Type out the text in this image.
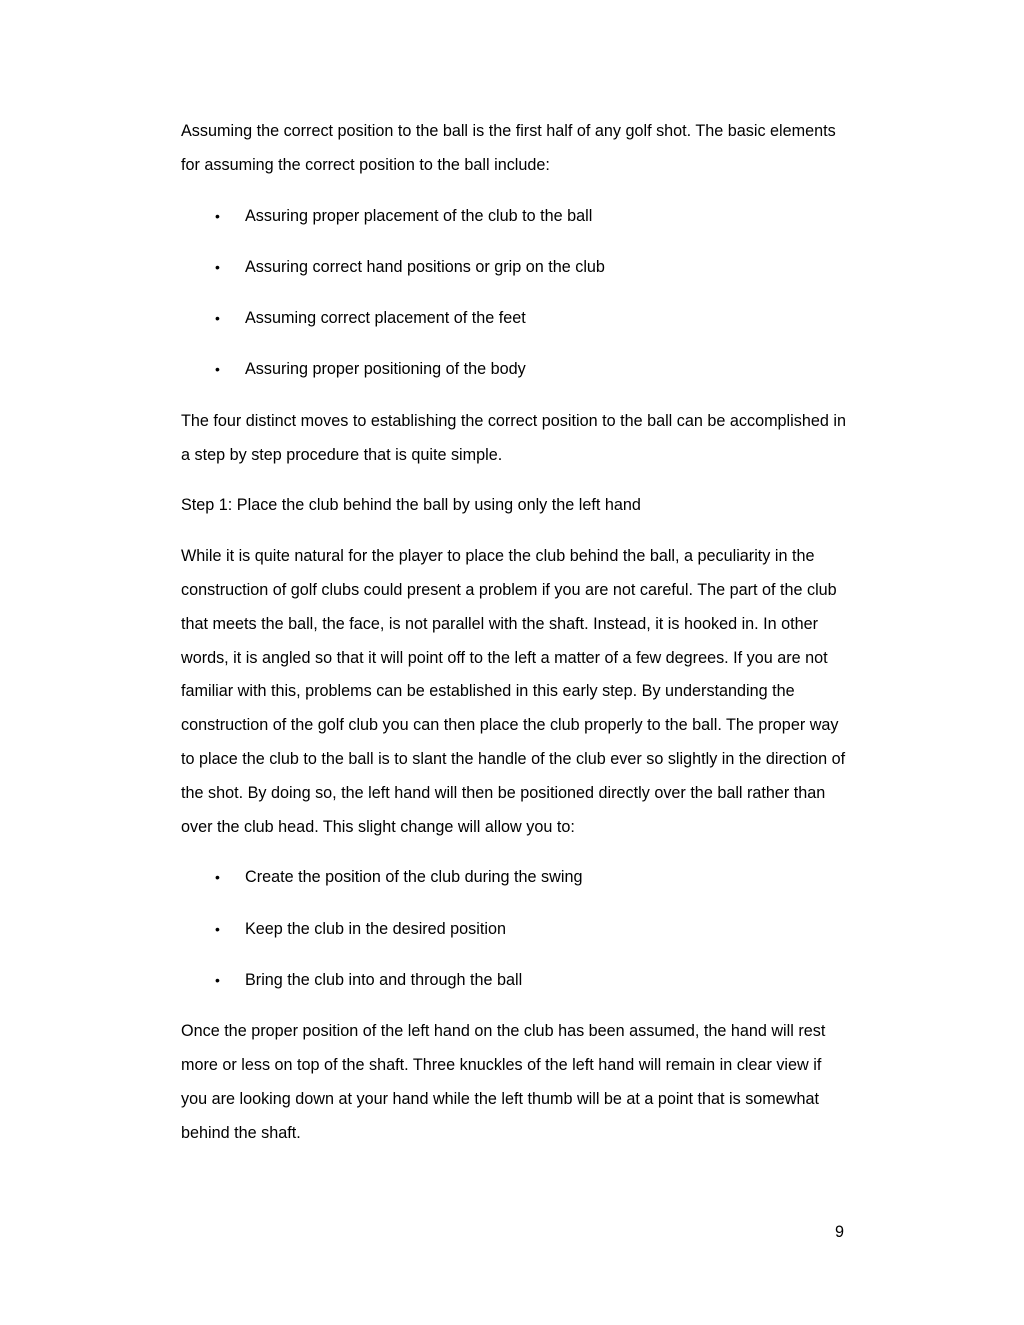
Assuming the correct position to the ball is the first half of any golf shot. The basic elements for assuming the correct position to the ball include:

• Assuring proper placement of the club to the ball
• Assuring correct hand positions or grip on the club
• Assuming correct placement of the feet
• Assuring proper positioning of the body

The four distinct moves to establishing the correct position to the ball can be accomplished in a step by step procedure that is quite simple.

Step 1: Place the club behind the ball by using only the left hand

While it is quite natural for the player to place the club behind the ball, a peculiarity in the construction of golf clubs could present a problem if you are not careful. The part of the club that meets the ball, the face, is not parallel with the shaft. Instead, it is hooked in. In other words, it is angled so that it will point off to the left a matter of a few degrees. If you are not familiar with this, problems can be established in this early step. By understanding the construction of the golf club you can then place the club properly to the ball. The proper way to place the club to the ball is to slant the handle of the club ever so slightly in the direction of the shot. By doing so, the left hand will then be positioned directly over the ball rather than over the club head. This slight change will allow you to:

• Create the position of the club during the swing
• Keep the club in the desired position
• Bring the club into and through the ball

Once the proper position of the left hand on the club has been assumed, the hand will rest more or less on top of the shaft. Three knuckles of the left hand will remain in clear view if you are looking down at your hand while the left thumb will be at a point that is somewhat behind the shaft.

9
